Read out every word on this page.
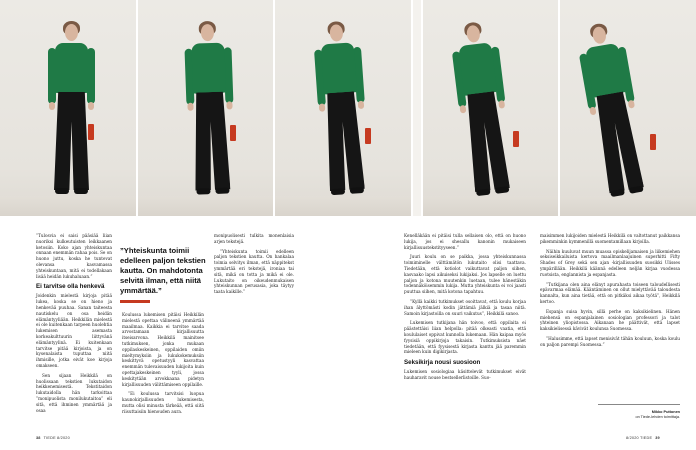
”Tulosvia ei saisi pääsiää liian nuoriksi kulkeutuisten leikkaanen ketosiin. Koko ajan yhteiskuntaa onnaan enemmän rahaa pois. Se on huono juttu, koska he tuntevat olevansa kasvamassa yhteiskuntaan, mitä ei todellakaan lisää heidän lukuhaluaan.”

Ei tarvitse olla henkevä

Joidenkin mielestä kirjoja pitää lukea, koska se on hieno ja henkevää puuhaa. Sanan taiteesta nautiskelu on osa heidän elämäntyyliään. Heikkilän mielestä ei ole kuitenkaan tarpeen huolehtia lukemisen asemasta korkeakulttuurin liittyvänä elämäntyylinä. Ei kuitenkaan tarvitse pitää kirjoista, ja on kysenalaista tuputtaa niitä ihmisille, jotka eivät koe kirjoja omakseen.

Sen sijaan Heikkilä on huolissaan tekstien lukutaidon heikkenemisestä. Tekstitaidon lukutaidolla hän tarkoittaa ”monipuolista monilukutaitoa” eli sitä, että ihminen ymmärtää ja osaa

”Yhteiskunta toimii edelleen paljon tekstien kautta. On mahdotonta selvitä ilman, että niitä ymmärtää.”

Koulussa lukemisen pitäisi Heikkilän mielestä opettaa välineenä ymmärtää maailmaa. Kaikkia ei tarvitse saada arvostamaan kirjallisuutta itseisarvona. Heikkilä mainitsee tutkimuksen, jonka mukaan oppilaskeskeinen, oppilaiden omiin mieltymyksiin ja lukukokemuksiin keskittyvä opetustyyli kasvattaa enemmän tulevaisuuden lukijoita kuin opettajakeskeinen tyyli, jossa keskitytään arvokkaana pidetyn kirjallisuuden välittämiseen oppilaille.

”Ei koulussa tarvitsisi luopua kaunokirjallisuuden lukemisesta, mutta olisi minusta tärkeää, että siitä riisuttaisiin hienouden aura.

monipuolisesti tulkita monenlaisia arjen tekstejä.

”Yhteiskunta toimii edelleen paljon tekstien kautta. On hankalaa toimia selvitys ilman, että näppitekst ymmärtää eri tekstejä, ironiaa tai sitä, mikä on totta ja mikä ei ole. Lukutaito on oikeudenmukaisen yhteiskunnan perusasia, joka täytyy taata kaikille.”

Kenelläkään ei pitäisi tulla sellaisen olo, että on huono lukija, jos ei shesallu kanonin mukaiseen kirjallisuustekstityyseen.”

Juuri koulu on se paikka, jossa yhteiskunnassa toimiminelle välttämätön lukutaito olisi taattava. Tiedetään, että kotiolot vaikuttavat paljon siihen, kasvaako lapsi aikuiseksi lukijaksi. Jos lapselle on luettu paljon ja kotona muutenkin luetaan, tulee hänestäkin todennäköisemmin lukija. Mutta yhteiskunta ei voi jaasti puuttua siihen, mitä kotona tapahtuu.

”Kyllä kaikki tutkimukset osoittavat, että koulu korjaa ihan älyttömästi kodin jättämiä jälkiä ja tasaa niitä. Samoin kirjastoilla on suuri vaikutus”, Heikkilä sanoo.

Lukemisen tutkijana hän toivoo, että oppilaita ei päästettäisi liian helpolla: pitää olkeasti vaatia, että koululaiset oppivat kunnolla lukemaan. Hän kaipaa myös fyysisiä oppikirjoja takaisin. Tutkimuksista näet tiedetään, että fyysisestä kirjasta kanttu jää paremmin mieleen kuin digikirjasta.

Seksikirja nousi suosioon

Lukemisen sosiologiaa käsittelevät tutkimukset eivät hauharavit nouse bestsellerlistoille. Suo-

maisimmen lukijoiden mielestä Heikkilä on valtottanut paikkansa pikemminkin kymmenillä suomentamillaan kirjoilla.

Näihin kuuluvat muun muassa opiskelijamaisen ja liikemiehen seksiseikkailuista kertova maailmanlaajuinen superhitti Fifty Shades of Grey sekä sen ajan -kirjallisuuden suosikki Ulisses ympärillään. Heikkilä käännä edelleen neljän kirjaa vuodessa ruotsista, englannista ja espanjasta.

”Tutkijana olen aina elänyt apurahasta toiseen taloudellisesti epävarmaa elämää. Kääntäminen on ollut mielyttävää taloudesta kannalta, kun aina tietää, että on pitkäksi aikaa työtä”, Heikkilä kertoo.

Espanja suisa hyvin, sillä perhe on kaksikielinen. Hänen miehensä on espanjalainen sosiologian professori ja talot yhteinen yliopistossa. Aikanaan he päättivät, että lapset kaksikielisessä kävivät koulunsa Suomessa.

”Halusimme, että lapset menisivät tähän kouluun, koska koulu on paljon parempi Suomessa.”

Mikko Puttonen
on Tiede-lehden toimittaja.
38 TIEDE 8/2020	8/2020 TIEDE 39
